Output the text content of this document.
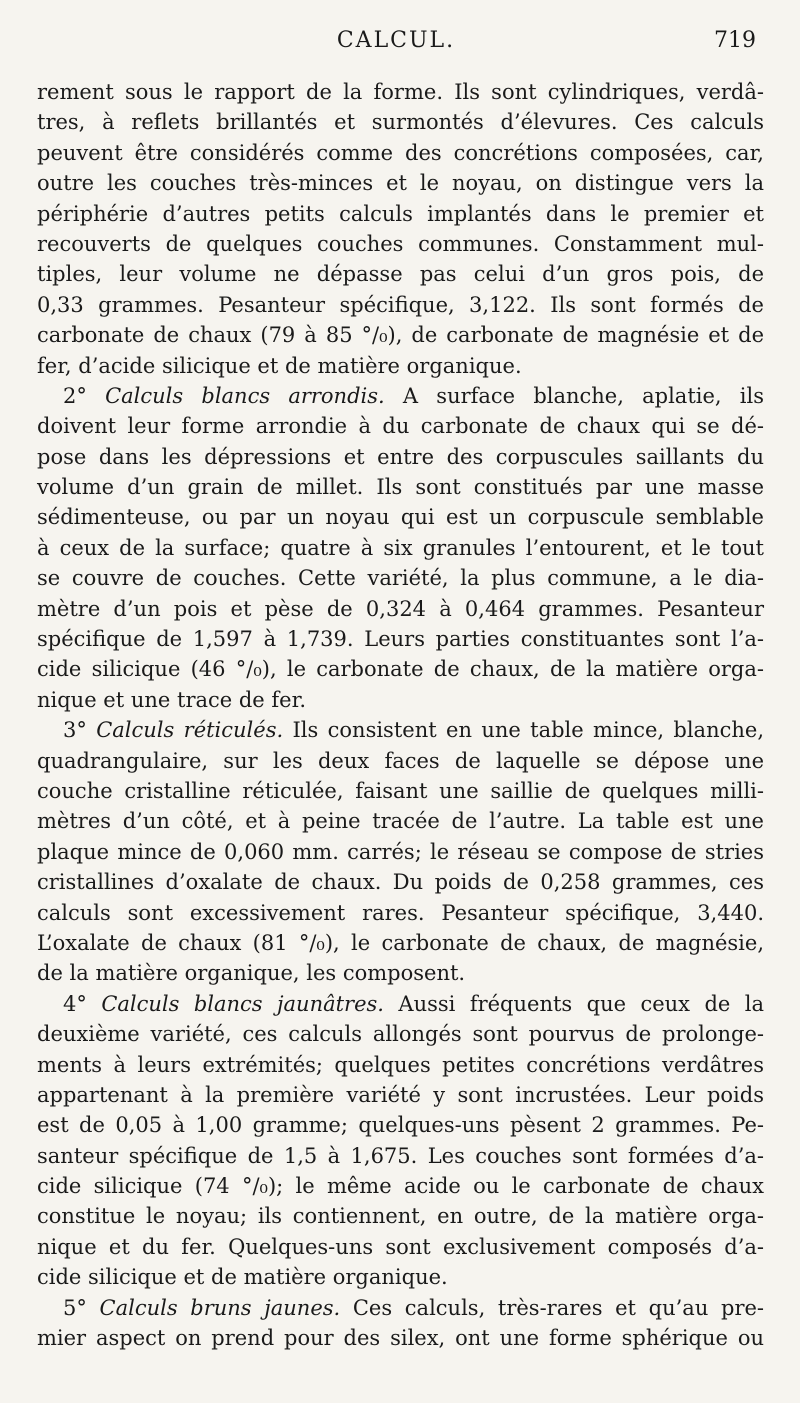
CALCUL.	719
rement sous le rapport de la forme. Ils sont cylindriques, verdâ-
tres, à reflets brillantés et surmontés d’élevures. Ces calculs
peuvent être considérés comme des concrétions composées, car,
outre les couches très-minces et le noyau, on distingue vers la
périphérie d’autres petits calculs implantés dans le premier et
recouverts de quelques couches communes. Constamment mul-
tiples, leur volume ne dépasse pas celui d’un gros pois, de
0,33 grammes. Pesanteur spécifique, 3,122. Ils sont formés de
carbonate de chaux (79 à 85 °/₀), de carbonate de magnésie et de
fer, d’acide silicique et de matière organique.
2° Calculs blancs arrondis. A surface blanche, aplatie, ils
doivent leur forme arrondie à du carbonate de chaux qui se dé-
pose dans les dépressions et entre des corpuscules saillants du
volume d’un grain de millet. Ils sont constitués par une masse
sédimenteuse, ou par un noyau qui est un corpuscule semblable
à ceux de la surface; quatre à six granules l’entourent, et le tout
se couvre de couches. Cette variété, la plus commune, a le dia-
mètre d’un pois et pèse de 0,324 à 0,464 grammes. Pesanteur
spécifique de 1,597 à 1,739. Leurs parties constituantes sont l’a-
cide silicique (46 °/₀), le carbonate de chaux, de la matière orga-
nique et une trace de fer.
3° Calculs réticulés. Ils consistent en une table mince, blanche,
quadrangulaire, sur les deux faces de laquelle se dépose une
couche cristalline réticulée, faisant une saillie de quelques milli-
mètres d’un côté, et à peine tracée de l’autre. La table est une
plaque mince de 0,060 mm. carrés; le réseau se compose de stries
cristallines d’oxalate de chaux. Du poids de 0,258 grammes, ces
calculs sont excessivement rares. Pesanteur spécifique, 3,440.
L’oxalate de chaux (81 °/₀), le carbonate de chaux, de magnésie,
de la matière organique, les composent.
4° Calculs blancs jaunâtres. Aussi fréquents que ceux de la
deuxième variété, ces calculs allongés sont pourvus de prolonge-
ments à leurs extrémités; quelques petites concrétions verdâtres
appartenant à la première variété y sont incrustées. Leur poids
est de 0,05 à 1,00 gramme; quelques-uns pèsent 2 grammes. Pe-
santeur spécifique de 1,5 à 1,675. Les couches sont formées d’a-
cide silicique (74 °/₀); le même acide ou le carbonate de chaux
constitue le noyau; ils contiennent, en outre, de la matière orga-
nique et du fer. Quelques-uns sont exclusivement composés d’a-
cide silicique et de matière organique.
5° Calculs bruns jaunes. Ces calculs, très-rares et qu’au pre-
mier aspect on prend pour des silex, ont une forme sphérique ou
